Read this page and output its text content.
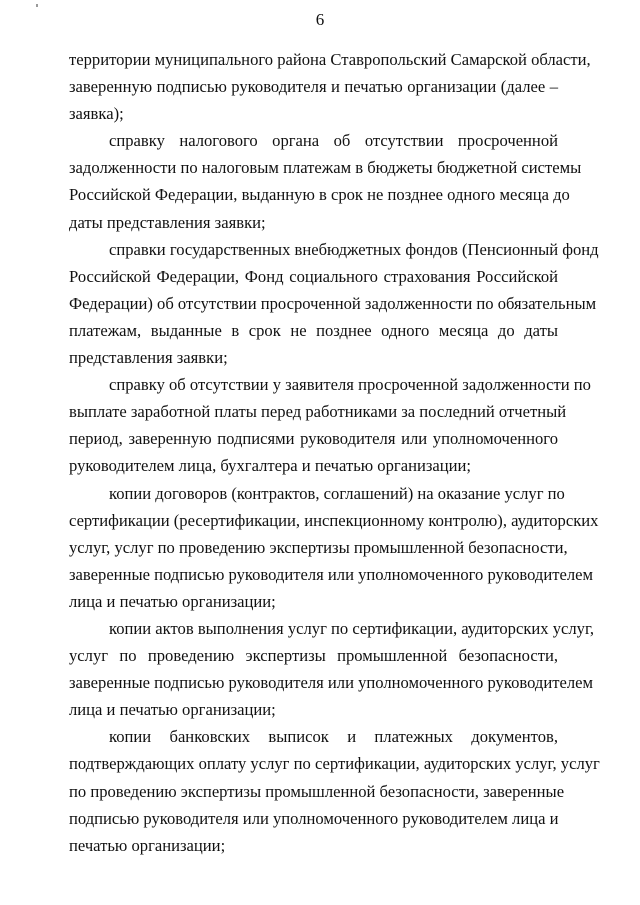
6
территории муниципального района Ставропольский Самарской области,
заверенную подписью руководителя и печатью организации (далее –
заявка);
справку налогового органа об отсутствии просроченной
задолженности по налоговым платежам в бюджеты бюджетной системы
Российской Федерации, выданную в срок не позднее одного месяца до
даты представления заявки;
справки государственных внебюджетных фондов (Пенсионный фонд
Российской Федерации, Фонд социального страхования Российской
Федерации) об отсутствии просроченной задолженности по обязательным
платежам, выданные в срок не позднее одного месяца до даты
представления заявки;
справку об отсутствии у заявителя просроченной задолженности по
выплате заработной платы перед работниками за последний отчетный
период, заверенную подписями руководителя или уполномоченного
руководителем лица, бухгалтера и печатью организации;
копии договоров (контрактов, соглашений) на оказание услуг по
сертификации (ресертификации, инспекционному контролю), аудиторских
услуг, услуг по проведению экспертизы промышленной безопасности,
заверенные подписью руководителя или уполномоченного руководителем
лица и печатью организации;
копии актов выполнения услуг по сертификации, аудиторских услуг,
услуг по проведению экспертизы промышленной безопасности,
заверенные подписью руководителя или уполномоченного руководителем
лица и печатью организации;
копии банковских выписок и платежных документов,
подтверждающих оплату услуг по сертификации, аудиторских услуг, услуг
по проведению экспертизы промышленной безопасности, заверенные
подписью руководителя или уполномоченного руководителем лица и
печатью организации;
